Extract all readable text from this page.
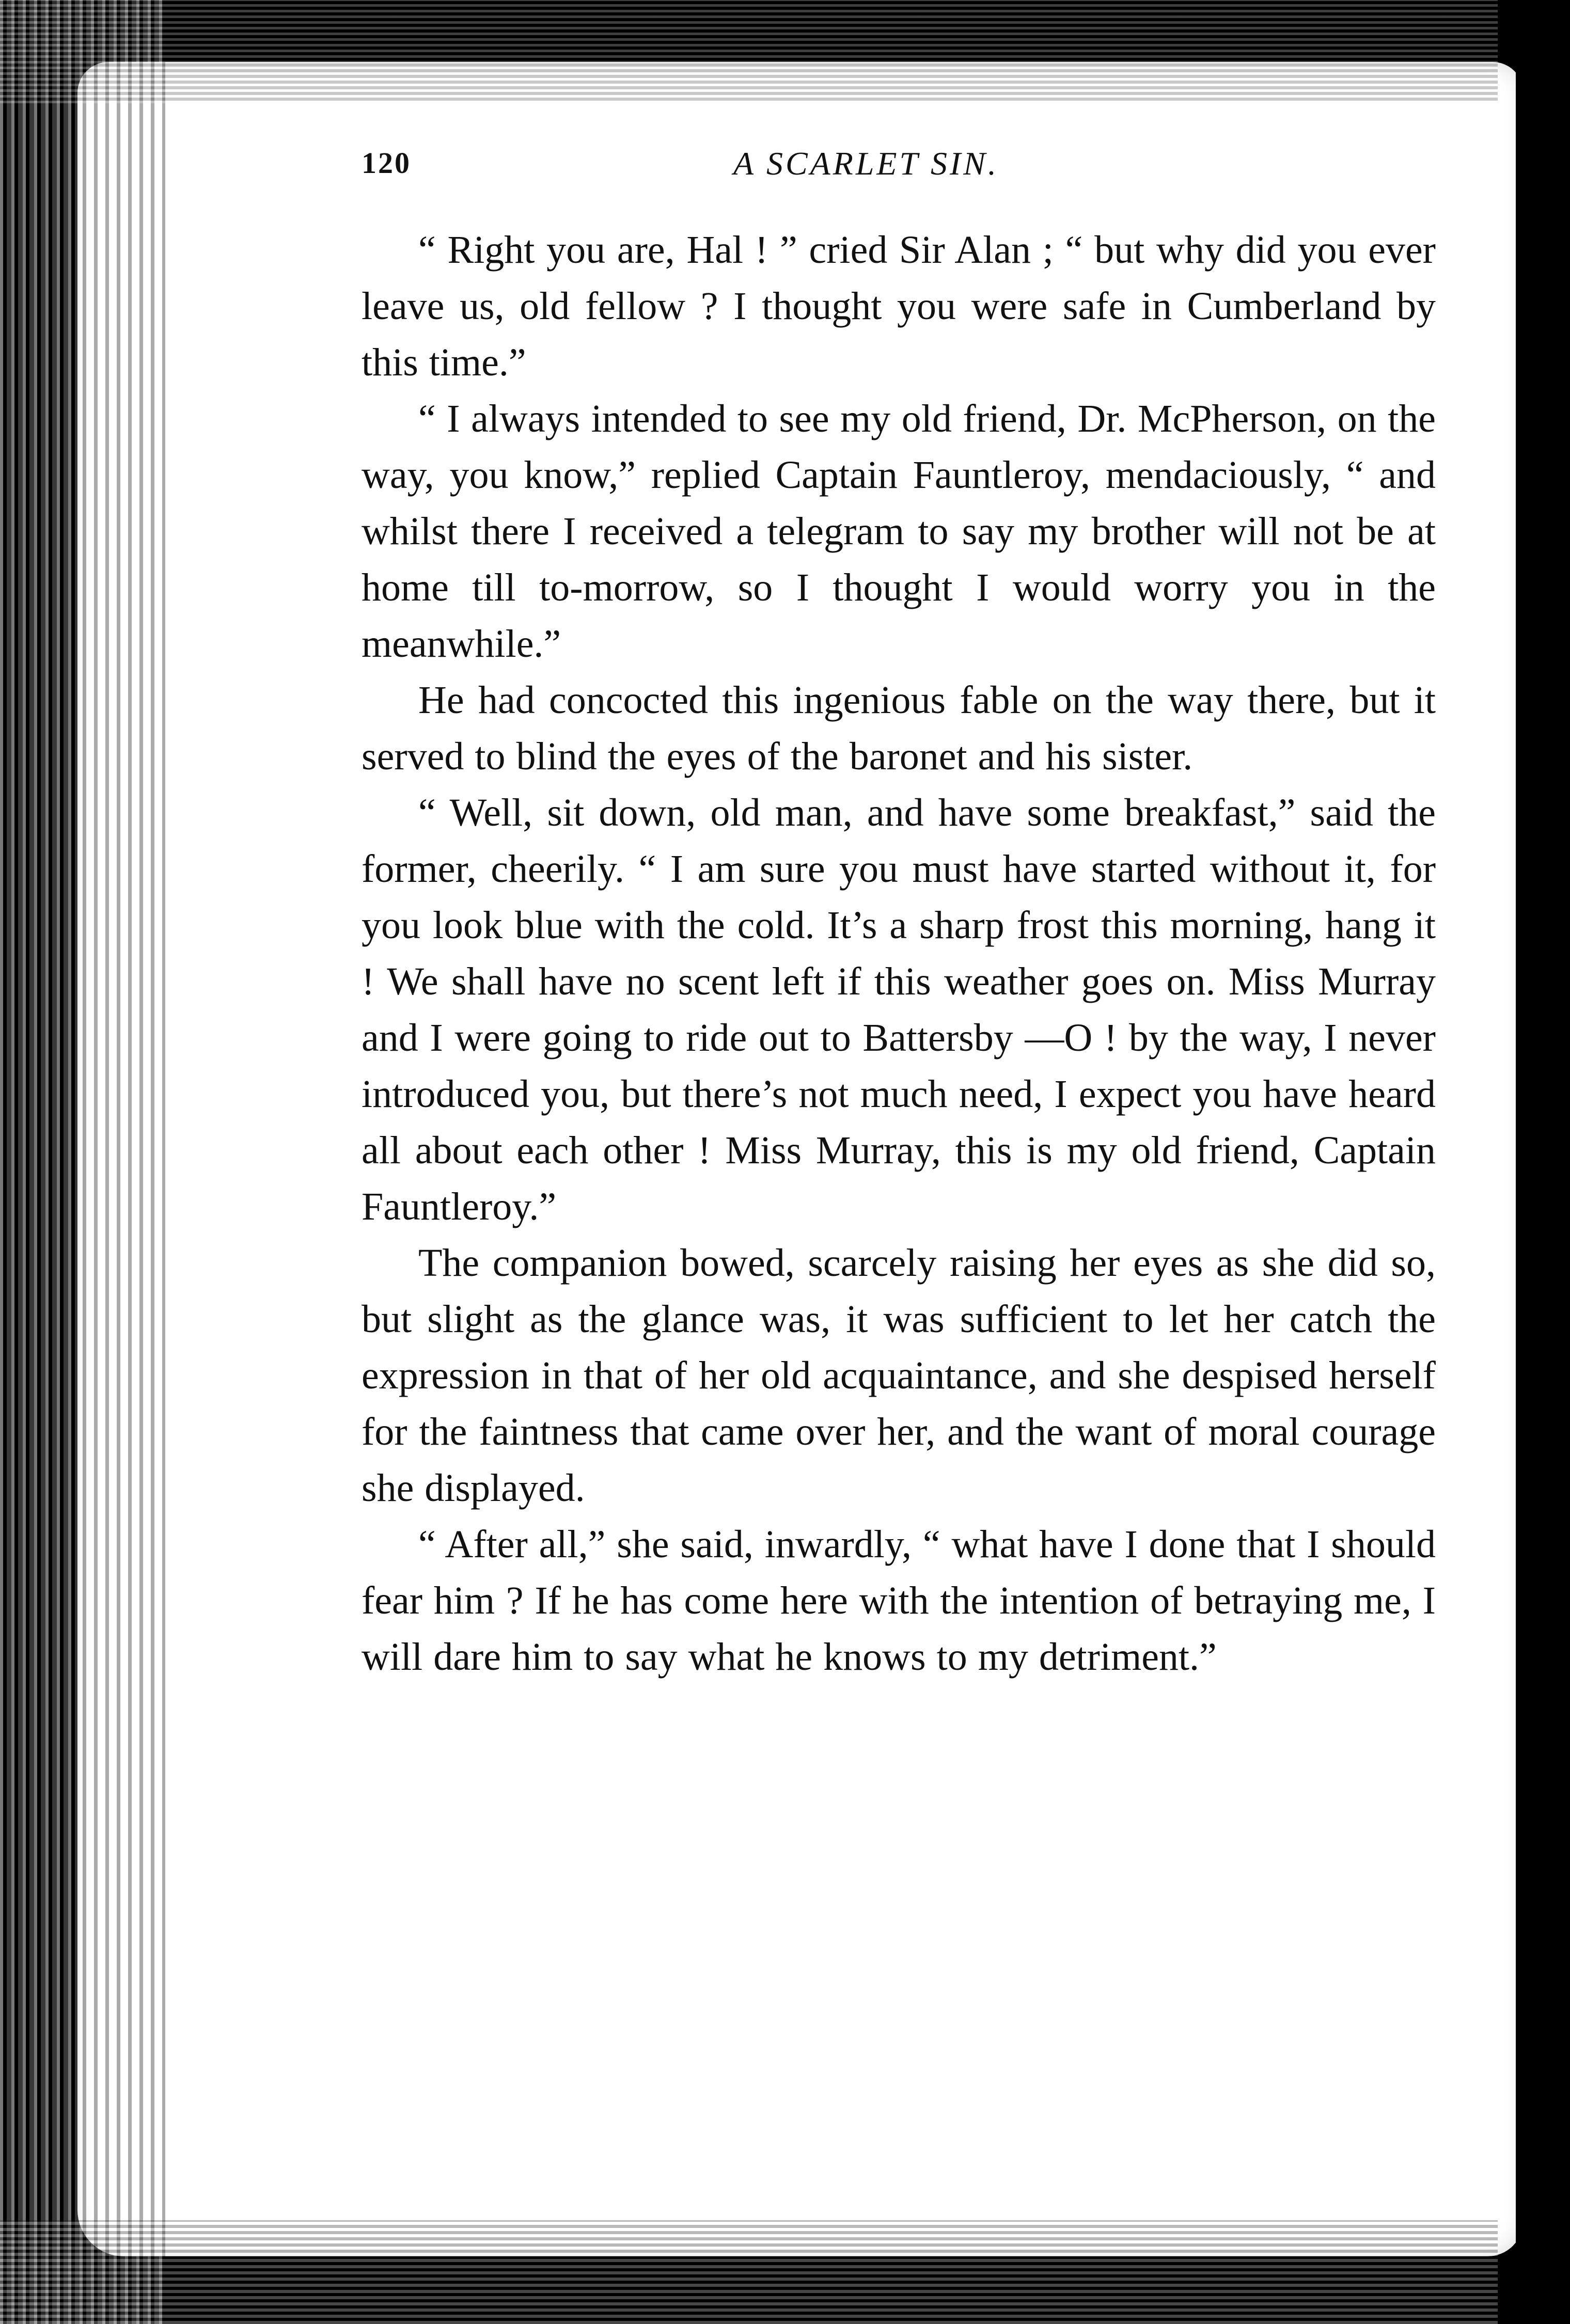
120	A SCARLET SIN.

“ Right you are, Hal ! ” cried Sir Alan ; “ but why did you ever leave us, old fellow ? I thought you were safe in Cumberland by this time.”

“ I always intended to see my old friend, Dr. McPherson, on the way, you know,” replied Captain Fauntleroy, mendaciously, “ and whilst there I received a telegram to say my brother will not be at home till to-morrow, so I thought I would worry you in the meanwhile.”

He had concocted this ingenious fable on the way there, but it served to blind the eyes of the baronet and his sister.

“ Well, sit down, old man, and have some breakfast,” said the former, cheerily. “ I am sure you must have started without it, for you look blue with the cold. It’s a sharp frost this morning, hang it ! We shall have no scent left if this weather goes on. Miss Murray and I were going to ride out to Battersby —O ! by the way, I never introduced you, but there’s not much need, I expect you have heard all about each other ! Miss Murray, this is my old friend, Captain Fauntleroy.”

The companion bowed, scarcely raising her eyes as she did so, but slight as the glance was, it was sufficient to let her catch the expression in that of her old acquaintance, and she despised herself for the faintness that came over her, and the want of moral courage she displayed.

“ After all,” she said, inwardly, “ what have I done that I should fear him ? If he has come here with the intention of betraying me, I will dare him to say what he knows to my detriment.”
